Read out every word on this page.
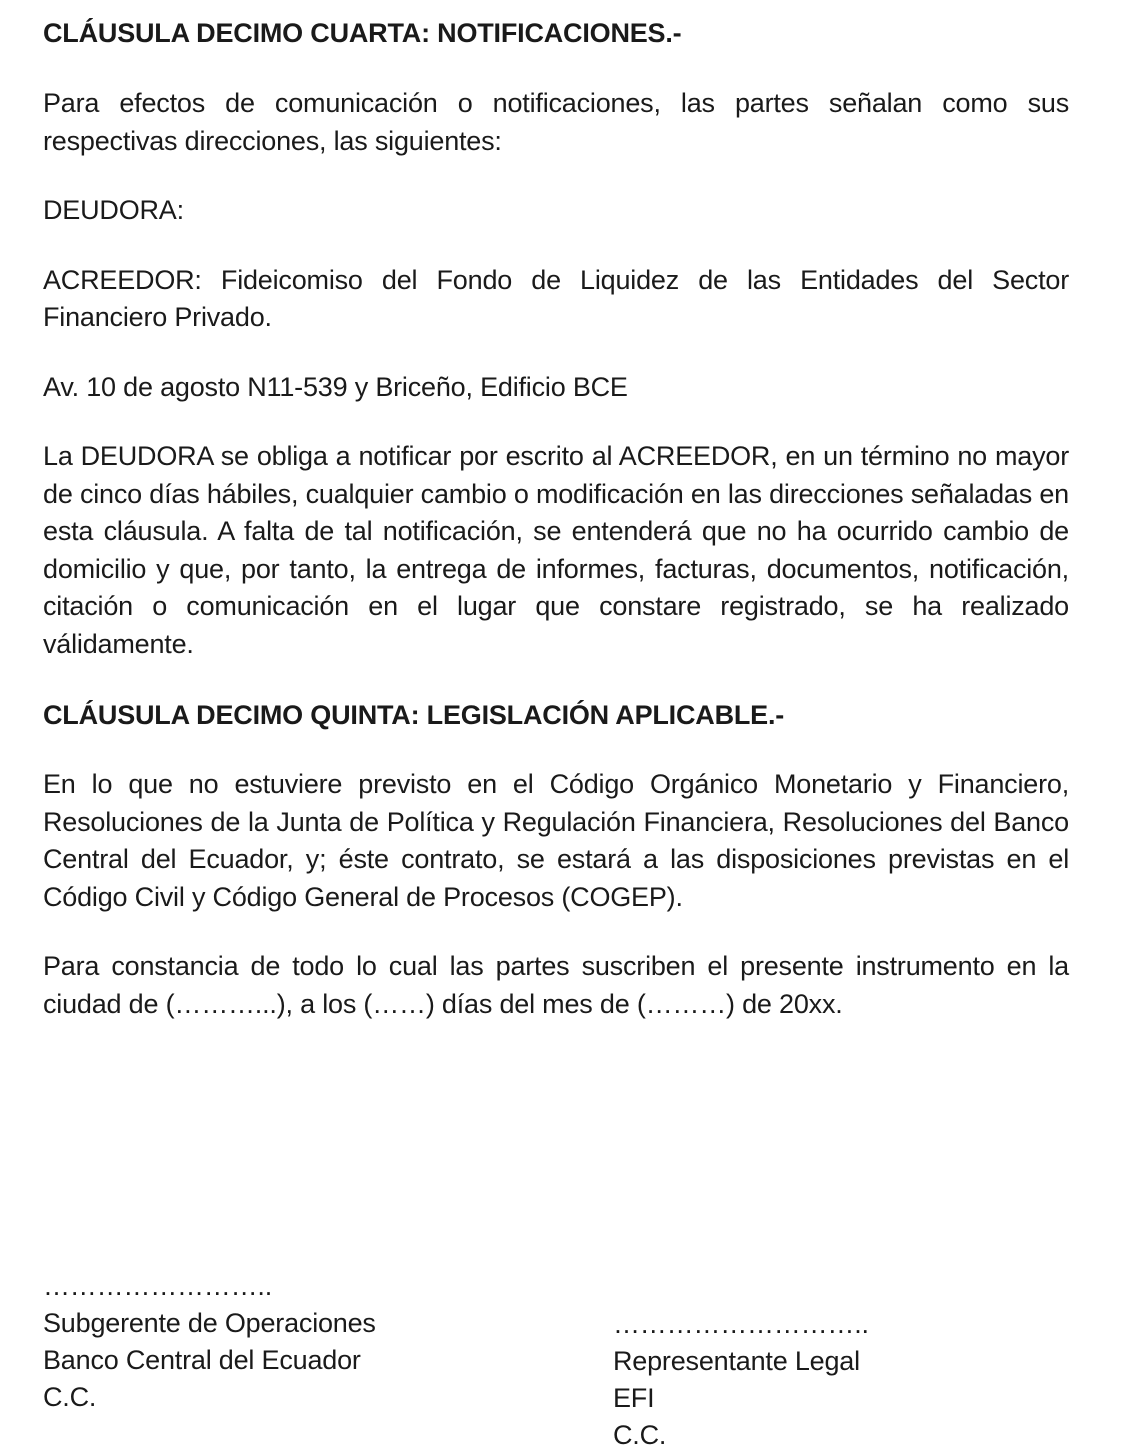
CLÁUSULA DECIMO CUARTA: NOTIFICACIONES.-

Para efectos de comunicación o notificaciones, las partes señalan como sus respectivas direcciones, las siguientes:

DEUDORA:

ACREEDOR: Fideicomiso del Fondo de Liquidez de las Entidades del Sector Financiero Privado.

Av. 10 de agosto N11-539 y Briceño, Edificio BCE

La DEUDORA se obliga a notificar por escrito al ACREEDOR, en un término no mayor de cinco días hábiles, cualquier cambio o modificación en las direcciones señaladas en esta cláusula. A falta de tal notificación, se entenderá que no ha ocurrido cambio de domicilio y que, por tanto, la entrega de informes, facturas, documentos, notificación, citación o comunicación en el lugar que constare registrado, se ha realizado válidamente.

CLÁUSULA DECIMO QUINTA: LEGISLACIÓN APLICABLE.-

En lo que no estuviere previsto en el Código Orgánico Monetario y Financiero, Resoluciones de la Junta de Política y Regulación Financiera, Resoluciones del Banco Central del Ecuador, y; éste contrato, se estará a las disposiciones previstas en el Código Civil y Código General de Procesos (COGEP).

Para constancia de todo lo cual las partes suscriben el presente instrumento en la ciudad de (………...), a los (……) días del mes de (………) de 20xx.

……………………..
Subgerente de Operaciones
Banco Central del Ecuador
C.C.
………………………..
Representante Legal
EFI
C.C.
